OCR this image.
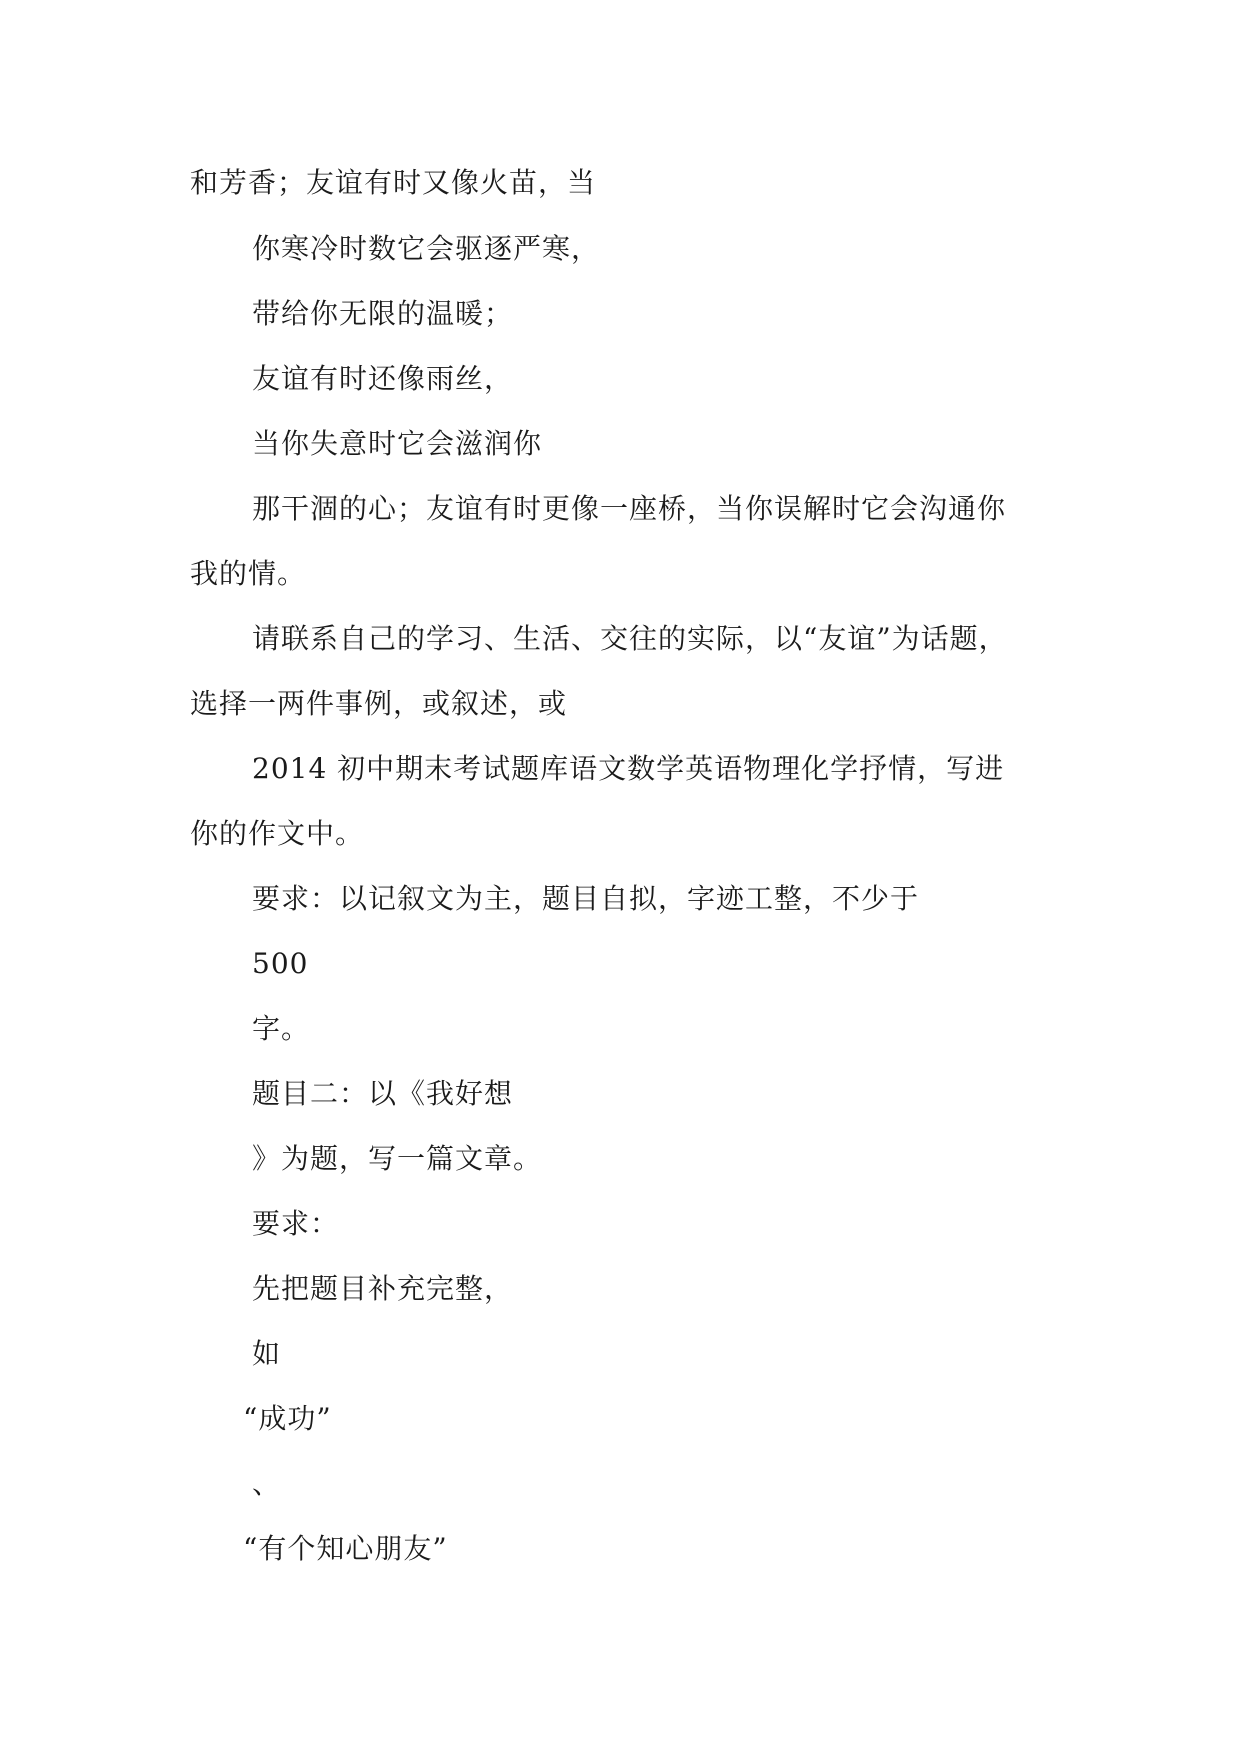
和芳香；友谊有时又像火苗，当
你寒冷时数它会驱逐严寒，
带给你无限的温暖；
友谊有时还像雨丝，
当你失意时它会滋润你
那干涸的心；友谊有时更像一座桥，当你误解时它会沟通你
我的情。
请联系自己的学习、生活、交往的实际，以“友谊”为话题，
选择一两件事例，或叙述，或
2014 初中期末考试题库语文数学英语物理化学抒情，写进
你的作文中。
要求：以记叙文为主，题目自拟，字迹工整，不少于
500
字。
题目二：以《我好想
》为题，写一篇文章。
要求：
先把题目补充完整，
如
“成功”
、
“有个知心朋友”
